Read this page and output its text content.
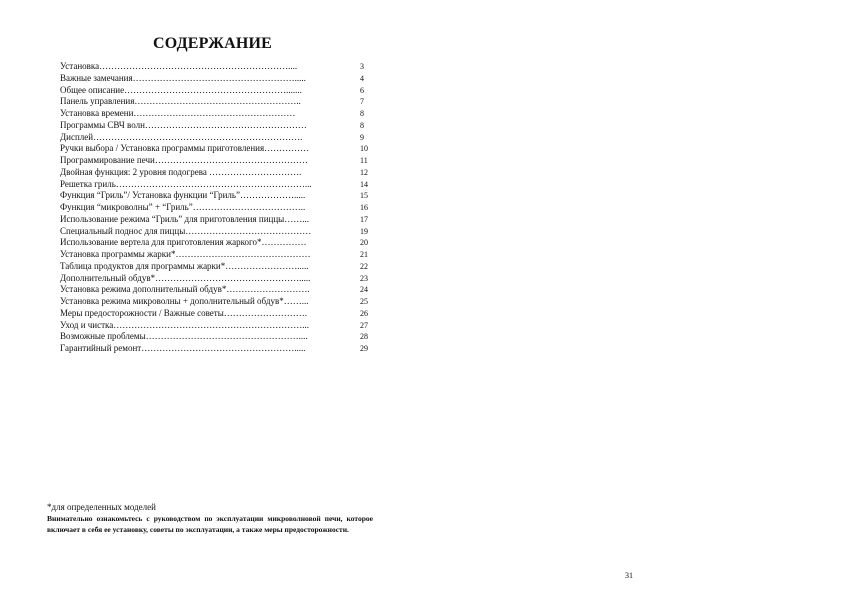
СОДЕРЖАНИЕ
Установка………………………………………………………....	3
Важные замечания……………………………………………….....	4
Общее описание……………………………………………….......	6
Панель управления………………………………………………..	7
Установка времени………………………………………………	8
Программы СВЧ волн………………………………………………	8
Дисплей…………………………………………………………….	9
Ручки выбора / Установка программы приготовления……………	10
Программирование печи……………………………………………	11
Двойная функция: 2 уровня подогрева ………………………….	12
Решетка гриль………………………………………………………...	14
Функция “Гриль”/ Установка функции “Гриль”……………….....	15
Функция “микроволны” + “Гриль”………………………………..	16
Использование режима “Гриль” для приготовления пиццы……...	17
Специальный поднос для пиццы……………………………………	19
Использование вертела для приготовления жаркого*……………	20
Установка программы жарки*………………………………………	21
Таблица продуктов для программы жарки*…………………….....	22
Дополнительный обдув*………………………………………….....	23
Установка режима дополнительный обдув*……………………….	24
Установка режима микроволны + дополнительный обдув*……...	25
Меры предосторожности / Важные советы……………………….	26
Уход и чистка………………………………………………………...	27
Возможные проблемы……………………………………………....	28
Гарантийный ремонт…………………………………………….....	29
*для определенных моделей
Внимательно ознакомьтесь с руководством по эксплуатации микроволновой печи, которое включает в себя ее установку, советы по эксплуатации, а также меры предосторожности.
31
